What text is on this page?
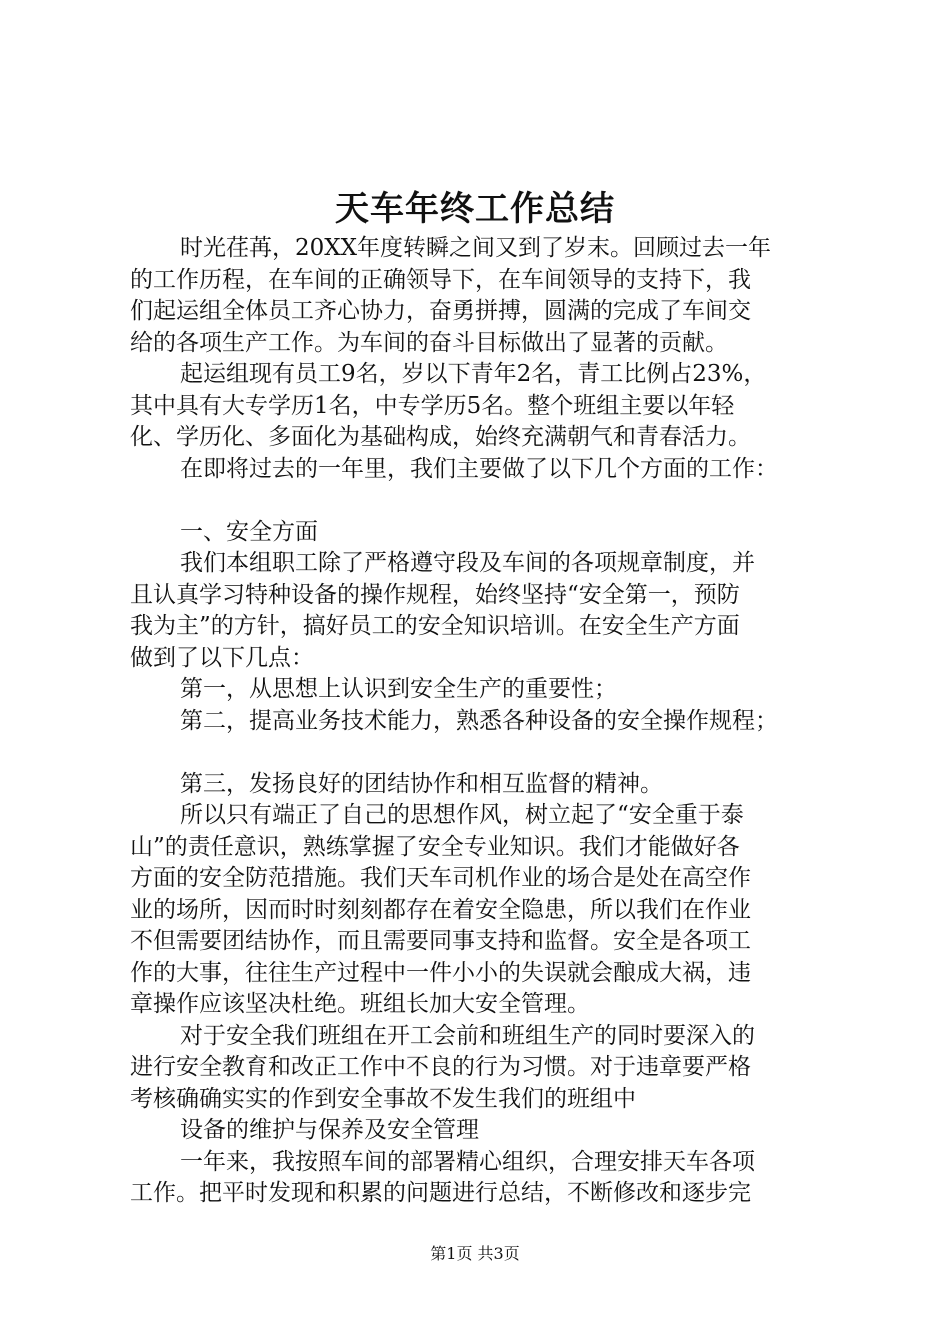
天车年终工作总结
时光荏苒，20XX年度转瞬之间又到了岁末。回顾过去一年
的工作历程，在车间的正确领导下，在车间领导的支持下，我
们起运组全体员工齐心协力，奋勇拼搏，圆满的完成了车间交
给的各项生产工作。为车间的奋斗目标做出了显著的贡献。
起运组现有员工9名，岁以下青年2名，青工比例占23%，
其中具有大专学历1名，中专学历5名。整个班组主要以年轻
化、学历化、多面化为基础构成，始终充满朝气和青春活力。
在即将过去的一年里，我们主要做了以下几个方面的工作：
一、安全方面
我们本组职工除了严格遵守段及车间的各项规章制度，并
且认真学习特种设备的操作规程，始终坚持“安全第一，预防
我为主”的方针，搞好员工的安全知识培训。在安全生产方面
做到了以下几点：
第一，从思想上认识到安全生产的重要性；
第二，提高业务技术能力，熟悉各种设备的安全操作规程；
第三，发扬良好的团结协作和相互监督的精神。
所以只有端正了自己的思想作风，树立起了“安全重于泰
山”的责任意识，熟练掌握了安全专业知识。我们才能做好各
方面的安全防范措施。我们天车司机作业的场合是处在高空作
业的场所，因而时时刻刻都存在着安全隐患，所以我们在作业
不但需要团结协作，而且需要同事支持和监督。安全是各项工
作的大事，往往生产过程中一件小小的失误就会酿成大祸，违
章操作应该坚决杜绝。班组长加大安全管理。
对于安全我们班组在开工会前和班组生产的同时要深入的
进行安全教育和改正工作中不良的行为习惯。对于违章要严格
考核确确实实的作到安全事故不发生我们的班组中
设备的维护与保养及安全管理
一年来，我按照车间的部署精心组织，合理安排天车各项
工作。把平时发现和积累的问题进行总结，不断修改和逐步完
第1页 共3页
